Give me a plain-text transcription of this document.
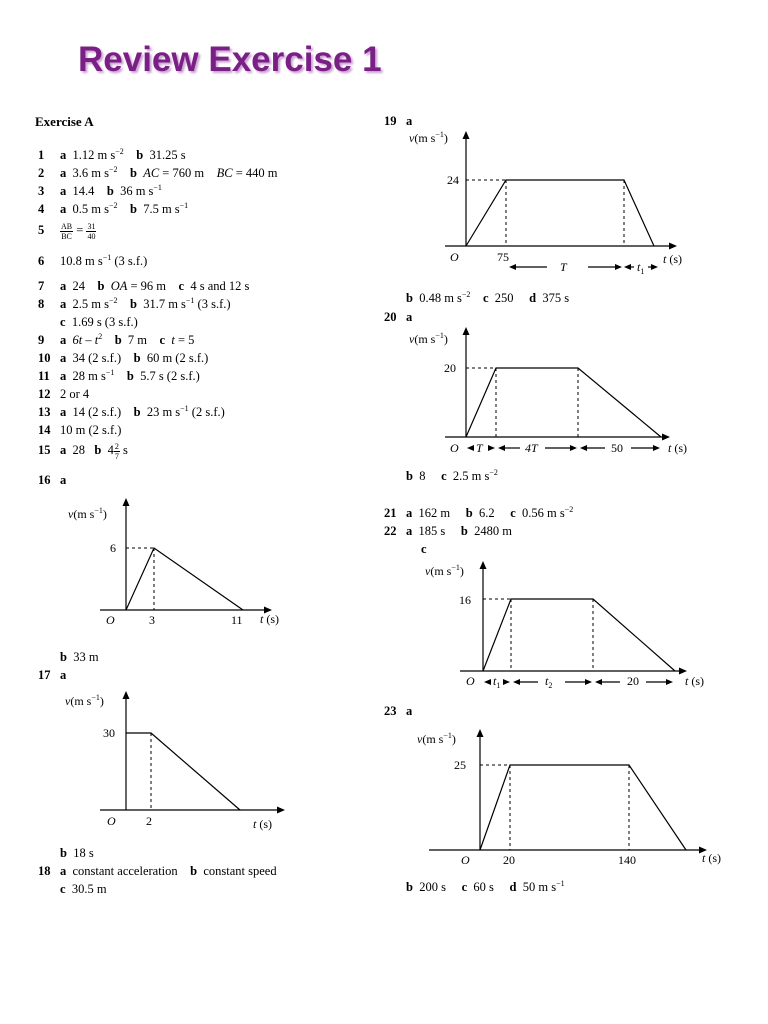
Review Exercise 1
Exercise A
1 a 1.12 m $s^{-2}$ b 31.25 s
2 a 3.6 m $s^{-2}$ b AC = 760 m BC = 440 m
3 a 14.4 b 36 m $s^{-1}$
4 a 0.5 m $s^{-2}$ b 7.5 m $s^{-1}$
$5 \frac{AB}{BC} = \frac{31}{40}$
6 10.8 m $s^{-1}$ (3 s.f.)
7 a 24 b OA = 96 m c 4 s and 12 s
8 a 2.5 m $s^{-2}$ b 31.7 m $s^{-1}$ (3 s.f.)
c 1.69 s (3 s.f.)
9 a $6t - t^2$ b 7 m c t = 5
10 a 34 (2 s.f.) b 60 m (2 s.f.)
11 a 28 m $s^{-1}$ b 5.7 s (2 s.f.)
12 2 or 4
13 a 14 (2 s.f.) b 23 m $s^{-1}$ (2 s.f.)
14 10 m (2 s.f.)
15 a 28 b $4 \frac{2}{7}$ s
16 a
v(m $s^{-1}$)
6
O	3	11 t (s)
b 33 m
17 a
v(m $s^{-1}$)
30
O	2	t (s)
b 18 s
18 a constant acceleration b constant speed
c 30.5 m
19 a
v(m $s^{-1}$)
24
O	75
T	$t_1$
t (s)
b 0.48 m $s^{-2}$ c 250 d 375 s
20 a
v(m $s^{-1}$)
20
O T	4T	50	t (s)
b 8 c 2.5 m $s^{-2}$
21 a 162 m b 6.2 c 0.56 m $s^{-2}$
22 a 185 s b 2480 m
c
v(m $s^{-1}$)
16
O $t_1$	$t_2$	20	t (s)
23 a
v(m $s^{-1}$)
25
O	20	140	t (s)
b 200 s c 60 s d 50 m $s^{-1}$
